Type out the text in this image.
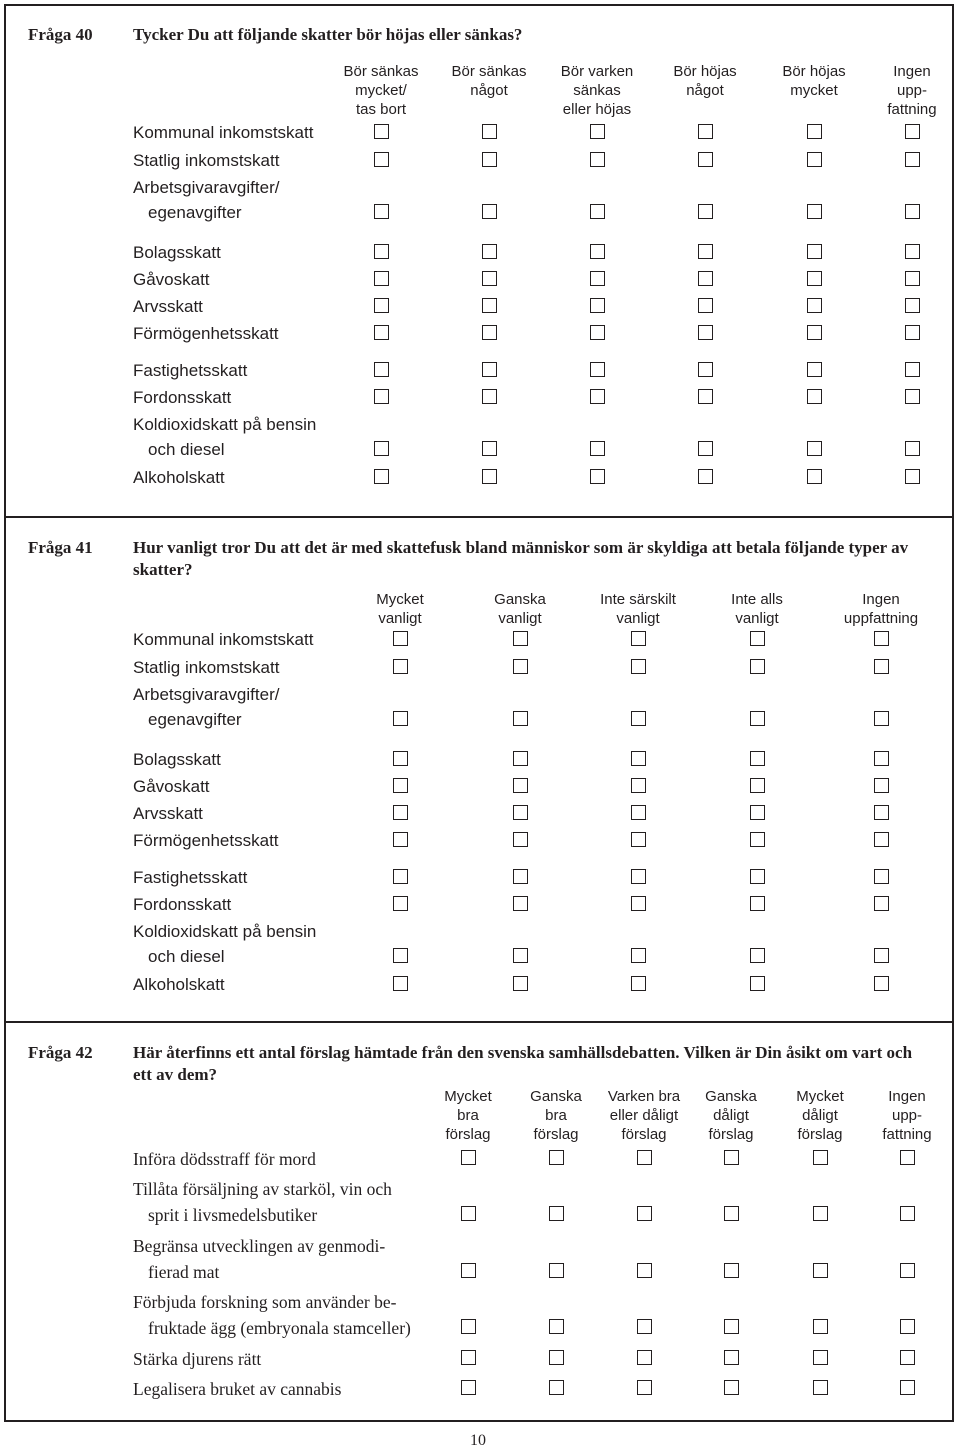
Fråga 40 Tycker Du att följande skatter bör höjas eller sänkas?
Bör sänkas
mycket/
tas bort
Bör sänkas
något
Bör varken
sänkas
eller höjas
Bör höjas
något
Bör höjas
mycket
Ingen
upp-
fattning
Kommunal inkomstskatt
Statlig inkomstskatt
Arbetsgivaravgifter/
egenavgifter
Bolagsskatt
Gåvoskatt
Arvsskatt
Förmögenhetsskatt
Fastighetsskatt
Fordonsskatt
Koldioxidskatt på bensin
och diesel
Alkoholskatt
Fråga 41 Hur vanligt tror Du att det är med skattefusk bland människor som är skyldiga att betala följande typer av skatter?
Mycket
vanligt
Ganska
vanligt
Inte särskilt
vanligt
Inte alls
vanligt
Ingen
uppfattning
Kommunal inkomstskatt
Statlig inkomstskatt
Arbetsgivaravgifter/
egenavgifter
Bolagsskatt
Gåvoskatt
Arvsskatt
Förmögenhetsskatt
Fastighetsskatt
Fordonsskatt
Koldioxidskatt på bensin
och diesel
Alkoholskatt
Fråga 42 Här återfinns ett antal förslag hämtade från den svenska samhällsdebatten. Vilken är Din åsikt om vart och ett av dem?
Mycket
bra
förslag
Ganska
bra
förslag
Varken bra
eller dåligt
förslag
Ganska
dåligt
förslag
Mycket
dåligt
förslag
Ingen
upp-
fattning
Införa dödsstraff för mord
Tillåta försäljning av starköl, vin och
sprit i livsmedelsbutiker
Begränsa utvecklingen av genmodi-
fierad mat
Förbjuda forskning som använder be-
fruktade ägg (embryonala stamceller)
Stärka djurens rätt
Legalisera bruket av cannabis
10
